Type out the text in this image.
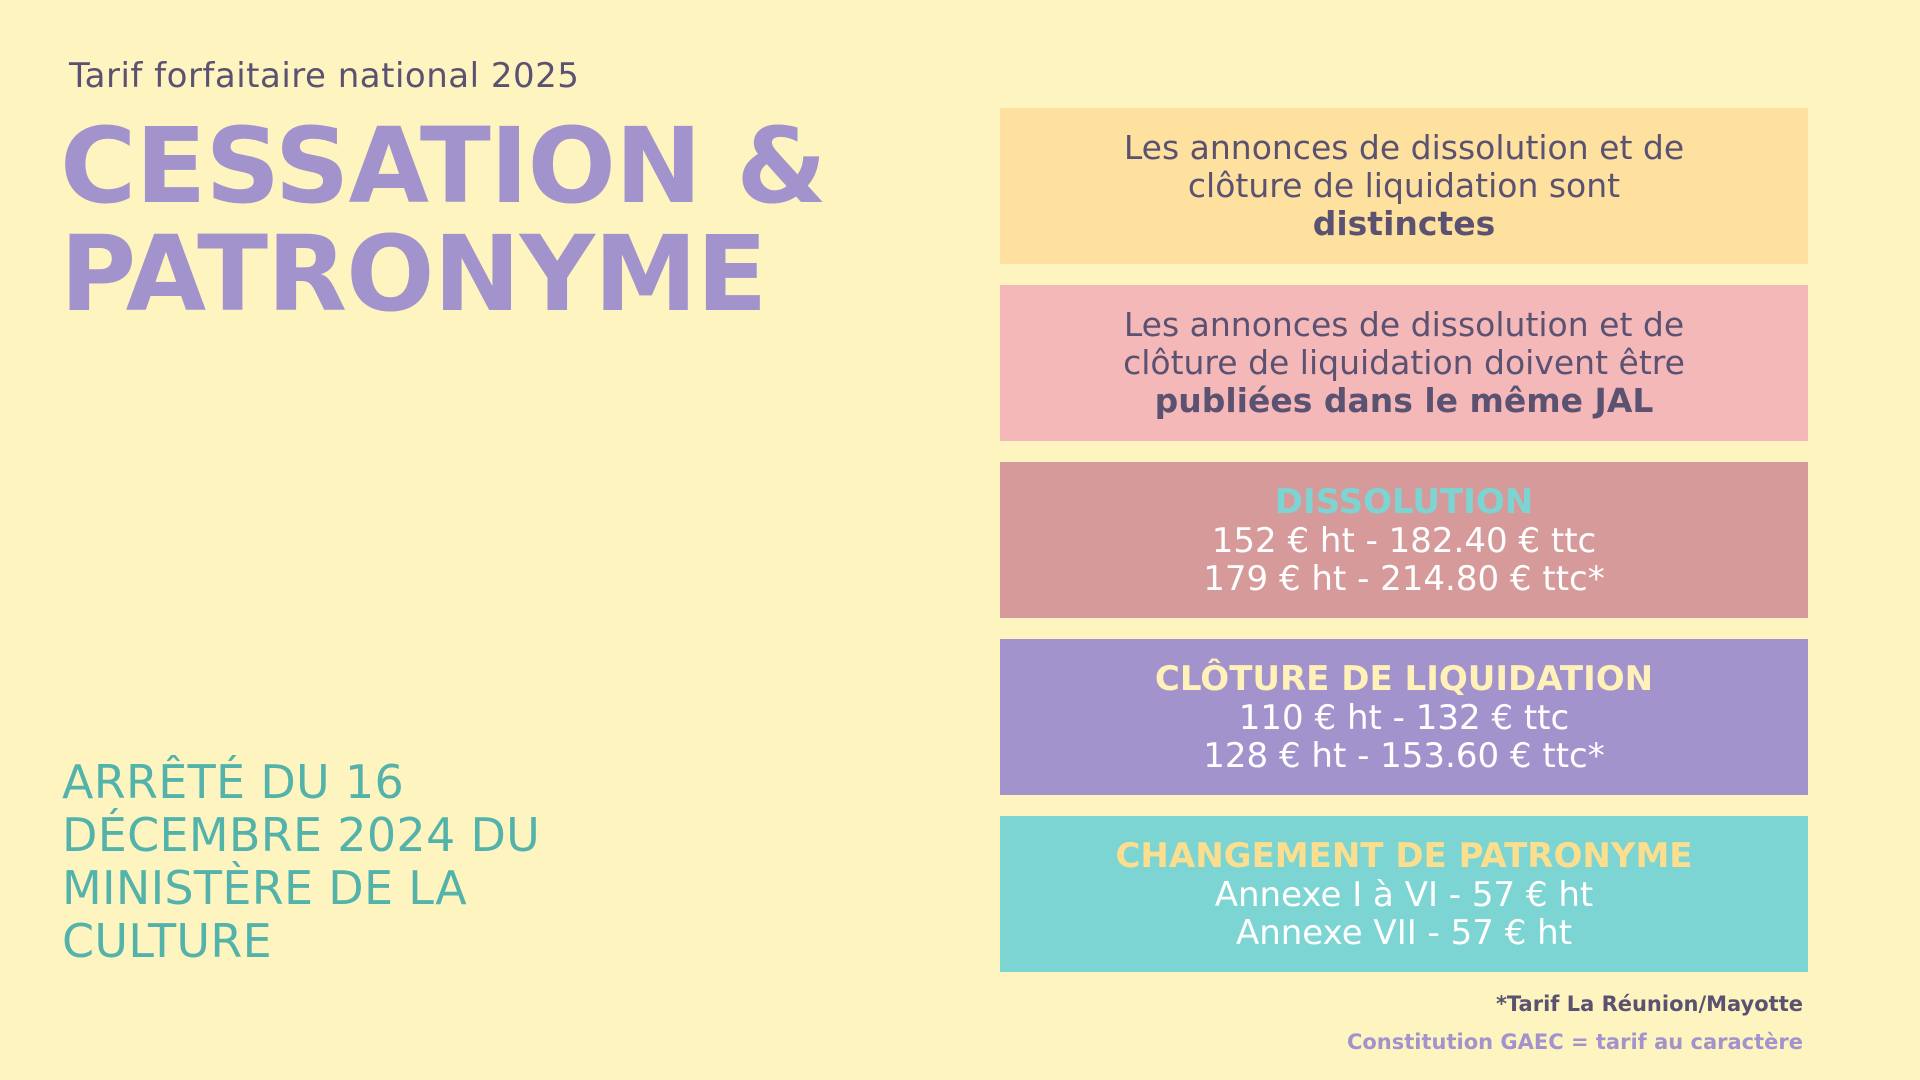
Tarif forfaitaire national 2025
CESSATION &
PATRONYME
ARRÊTÉ DU 16
DÉCEMBRE 2024 DU
MINISTÈRE DE LA
CULTURE
Les annonces de dissolution et de
clôture de liquidation sont
distinctes
Les annonces de dissolution et de
clôture de liquidation doivent être
publiées dans le même JAL
DISSOLUTION
152 € ht - 182.40 € ttc
179 € ht - 214.80 € ttc*
CLÔTURE DE LIQUIDATION
110 € ht - 132 € ttc
128 € ht - 153.60 € ttc*
CHANGEMENT DE PATRONYME
Annexe I à VI - 57 € ht
Annexe VII - 57 € ht
*Tarif La Réunion/Mayotte
Constitution GAEC = tarif au caractère
